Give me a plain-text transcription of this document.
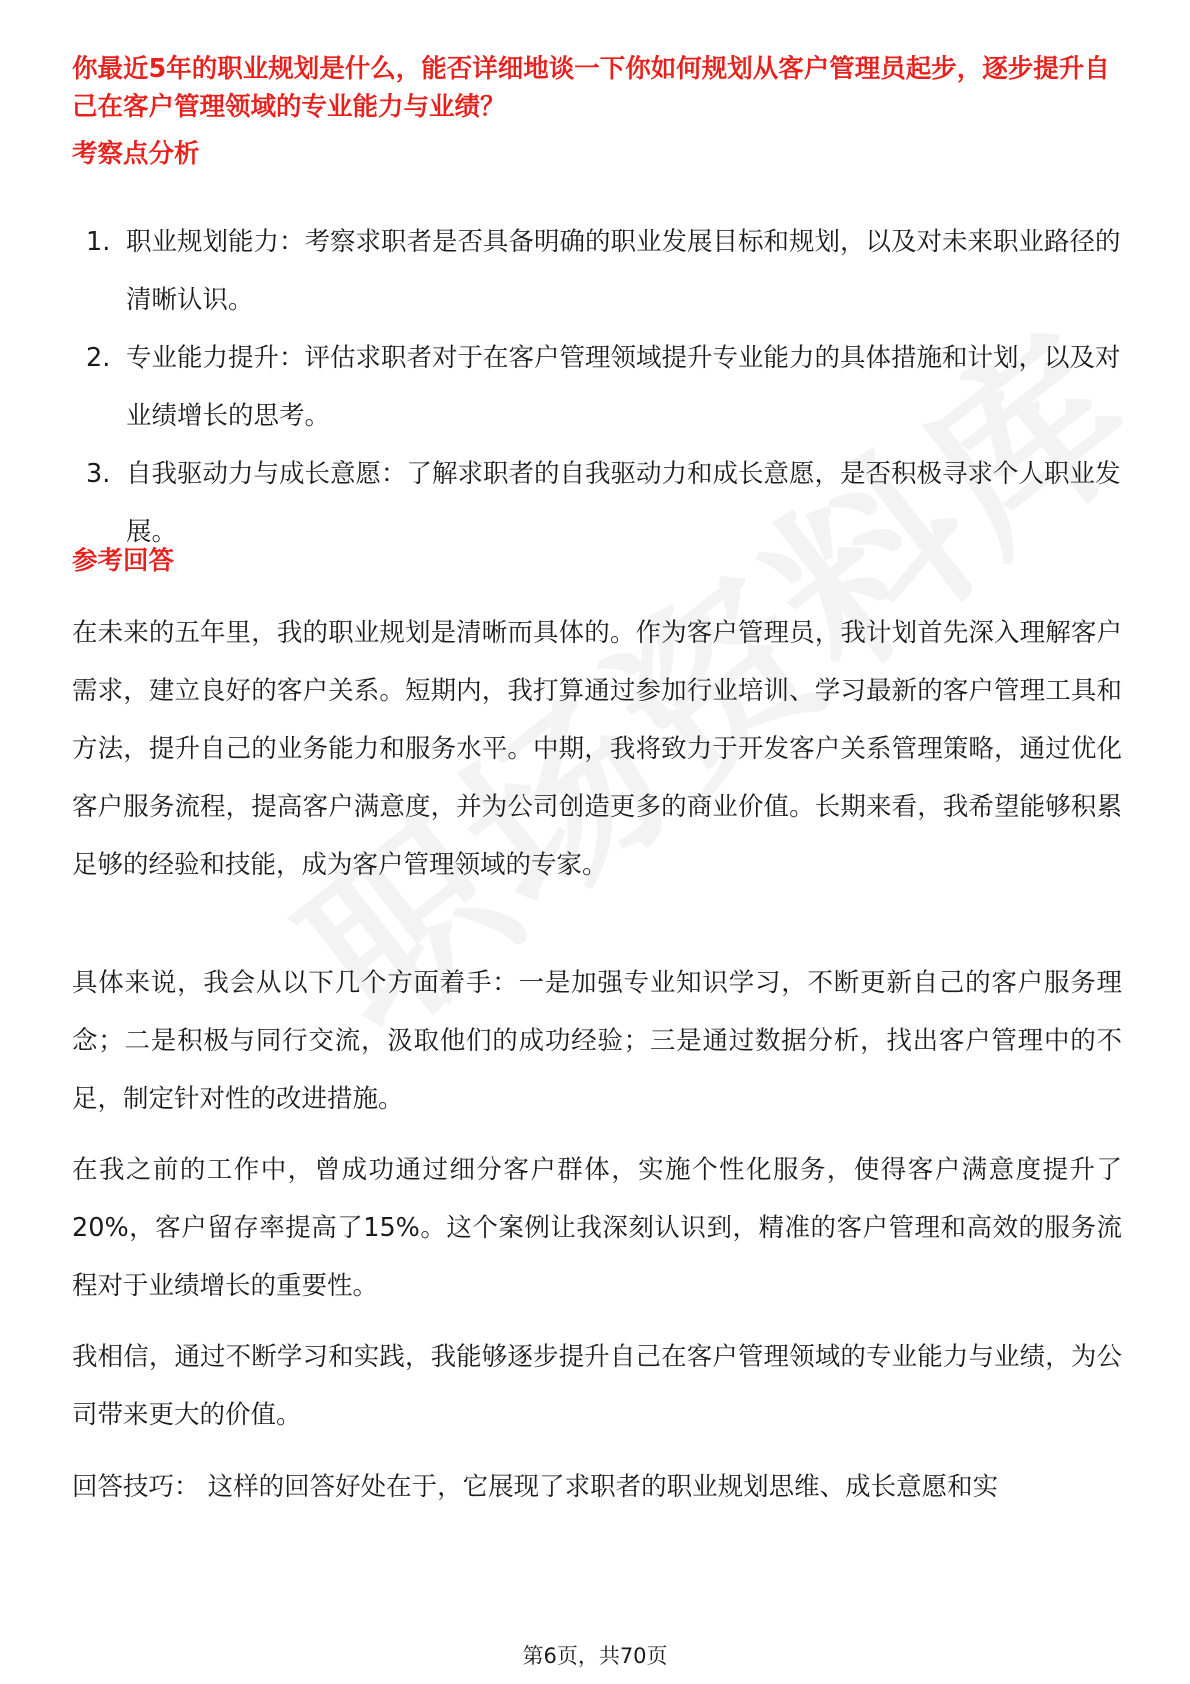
你最近5年的职业规划是什么，能否详细地谈一下你如何规划从客户管理员起步，逐步提升自己在客户管理领域的专业能力与业绩？
考察点分析
1. 职业规划能力：考察求职者是否具备明确的职业发展目标和规划，以及对未来职业路径的清晰认识。
2. 专业能力提升：评估求职者对于在客户管理领域提升专业能力的具体措施和计划，以及对业绩增长的思考。
3. 自我驱动力与成长意愿：了解求职者的自我驱动力和成长意愿，是否积极寻求个人职业发展。
参考回答
在未来的五年里，我的职业规划是清晰而具体的。作为客户管理员，我计划首先深入理解客户需求，建立良好的客户关系。短期内，我打算通过参加行业培训、学习最新的客户管理工具和方法，提升自己的业务能力和服务水平。中期，我将致力于开发客户关系管理策略，通过优化客户服务流程，提高客户满意度，并为公司创造更多的商业价值。长期来看，我希望能够积累足够的经验和技能，成为客户管理领域的专家。
具体来说，我会从以下几个方面着手：一是加强专业知识学习，不断更新自己的客户服务理念；二是积极与同行交流，汲取他们的成功经验；三是通过数据分析，找出客户管理中的不足，制定针对性的改进措施。
在我之前的工作中，曾成功通过细分客户群体，实施个性化服务，使得客户满意度提升了20%，客户留存率提高了15%。这个案例让我深刻认识到，精准的客户管理和高效的服务流程对于业绩增长的重要性。
我相信，通过不断学习和实践，我能够逐步提升自己在客户管理领域的专业能力与业绩，为公司带来更大的价值。
回答技巧： 这样的回答好处在于，它展现了求职者的职业规划思维、成长意愿和实
第6页，共70页
